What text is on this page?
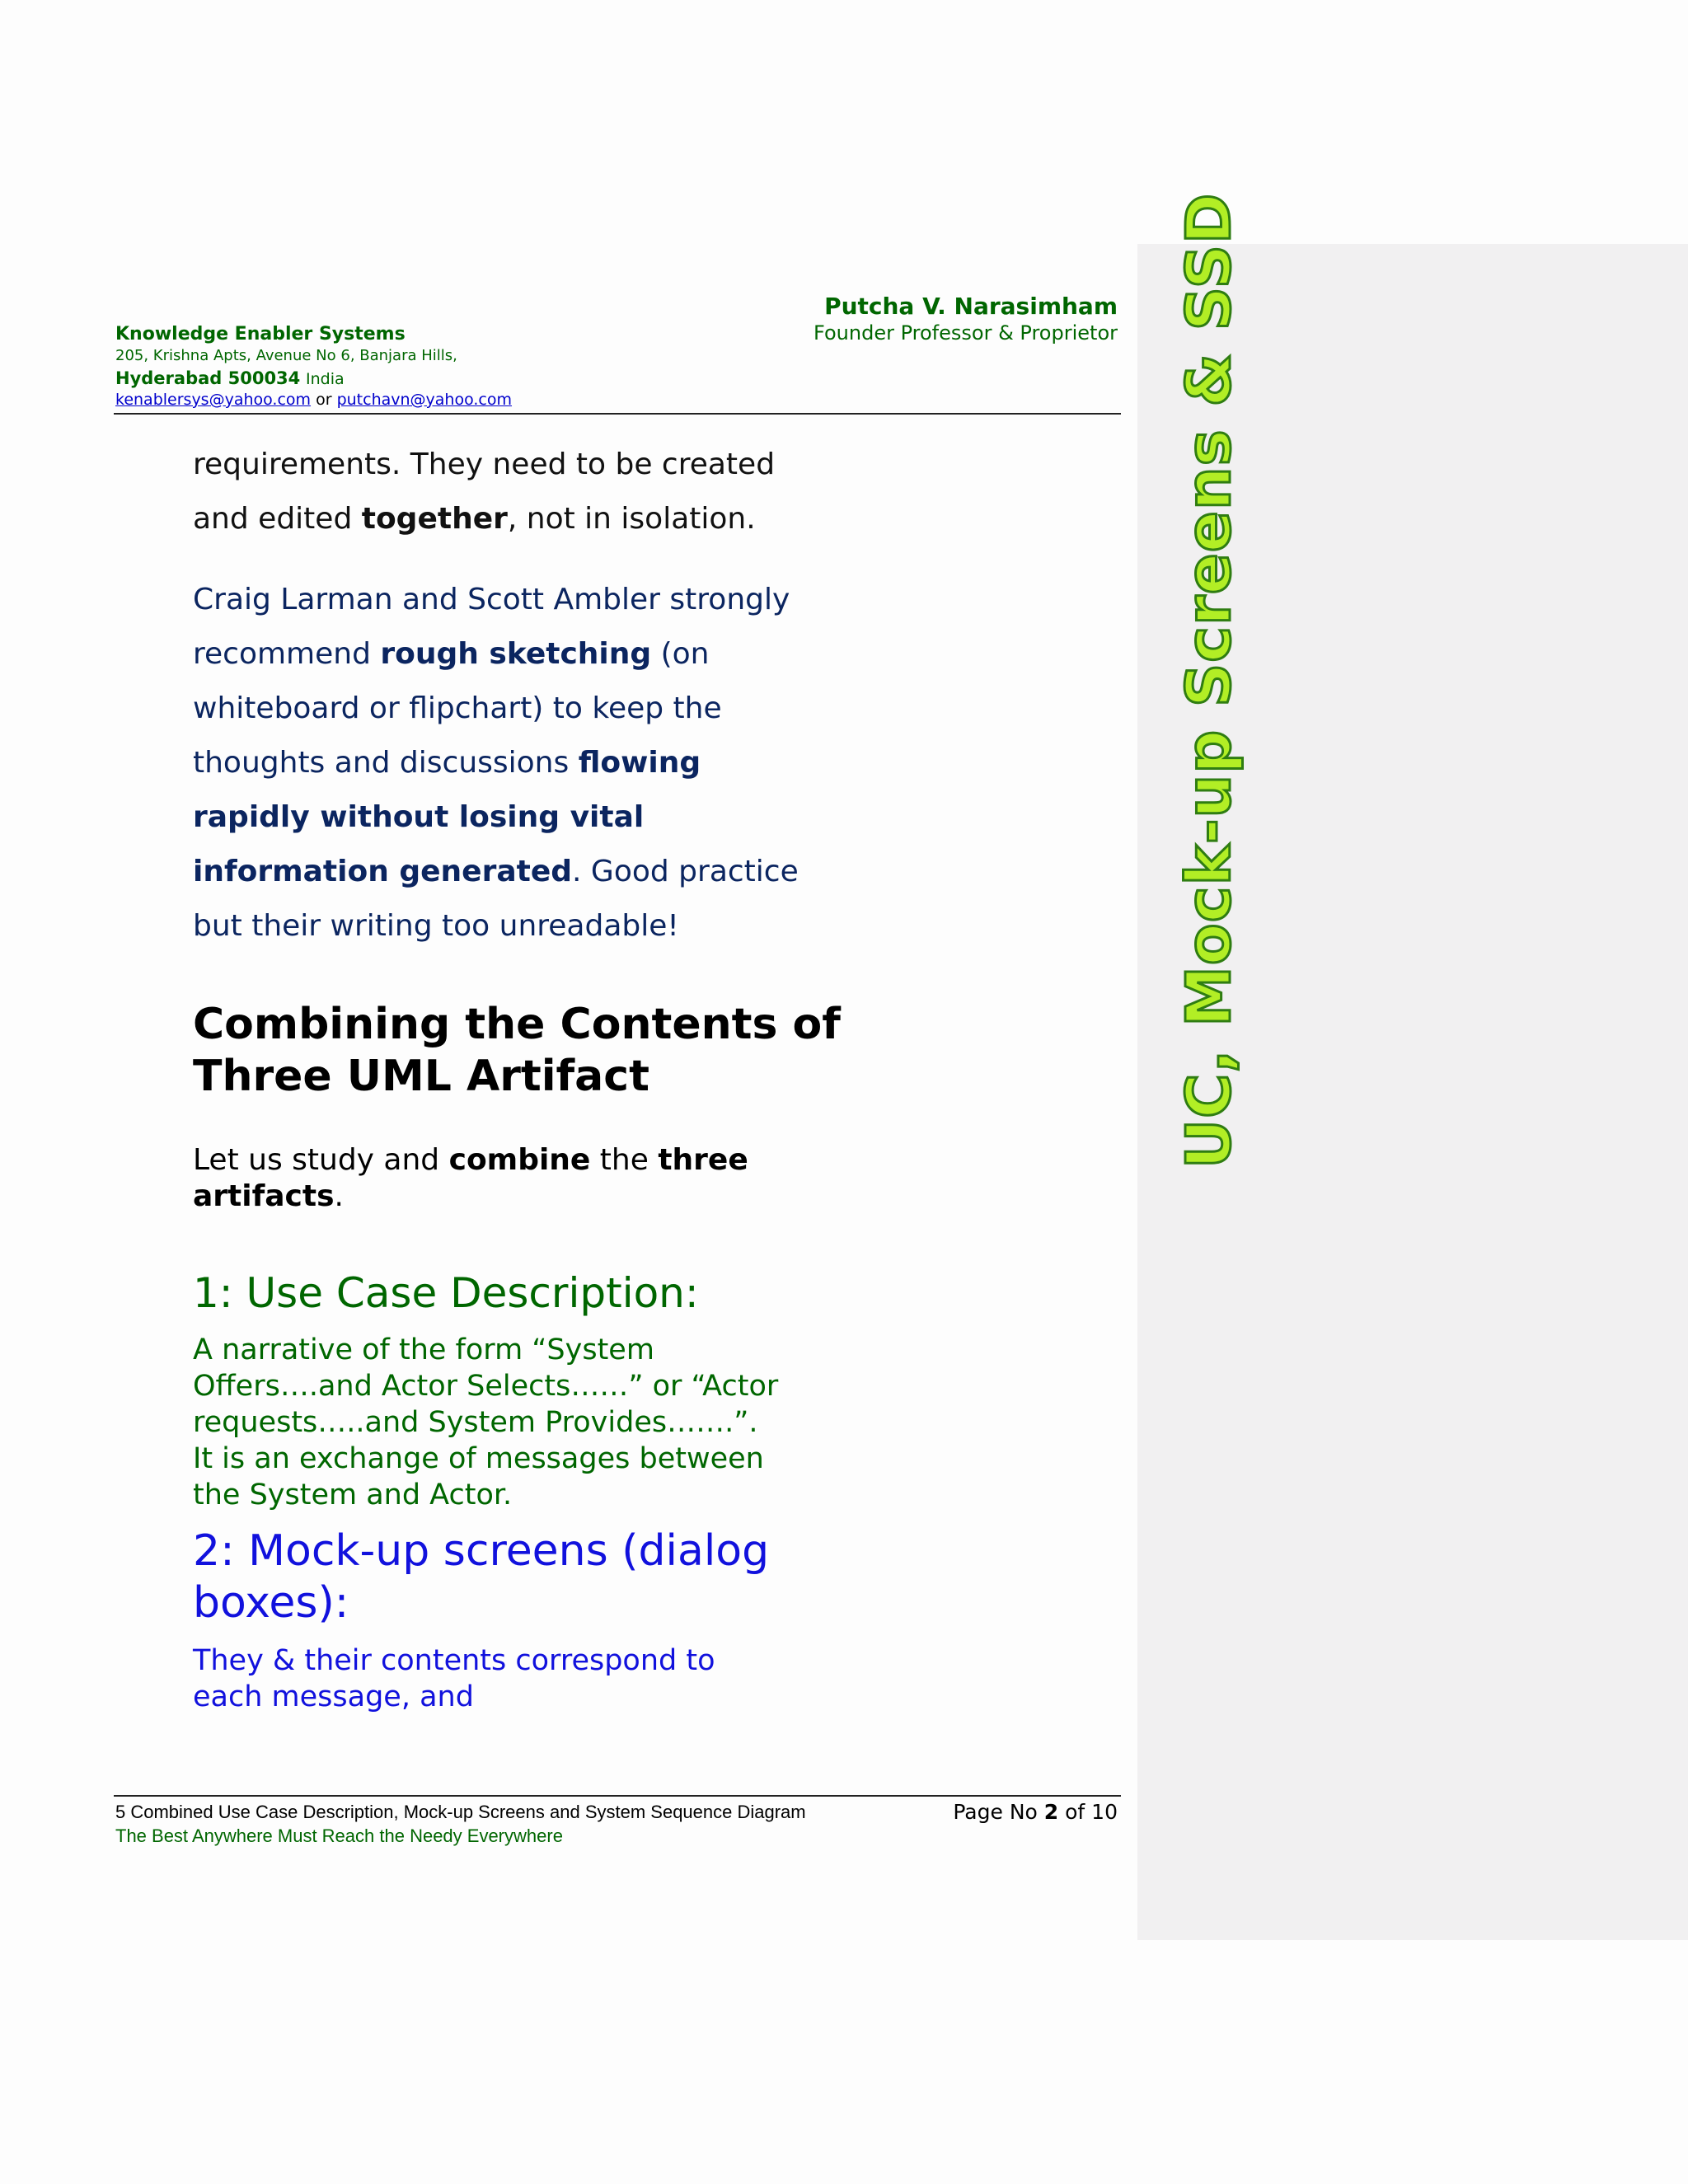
UC, Mock-up Screens & SSD
Putcha V. Narasimham
Founder Professor & Proprietor
Knowledge Enabler Systems
205, Krishna Apts, Avenue No 6, Banjara Hills,
Hyderabad 500034 India
kenablersys@yahoo.com or putchavn@yahoo.com
requirements. They need to be created and edited together, not in isolation.
Craig Larman and Scott Ambler strongly recommend rough sketching (on whiteboard or flipchart) to keep the thoughts and discussions flowing rapidly without losing vital information generated. Good practice but their writing too unreadable!
Combining the Contents of Three UML Artifact
Let us study and combine the three artifacts.
1: Use Case Description:
A narrative of the form “System Offers….and Actor Selects……” or “Actor requests…..and System Provides…….”. It is an exchange of messages between the System and Actor.
2: Mock-up screens (dialog boxes):
They & their contents correspond to each message, and
5 Combined Use Case Description, Mock-up Screens and System Sequence Diagram
The Best Anywhere Must Reach the Needy Everywhere
Page No 2 of 10
